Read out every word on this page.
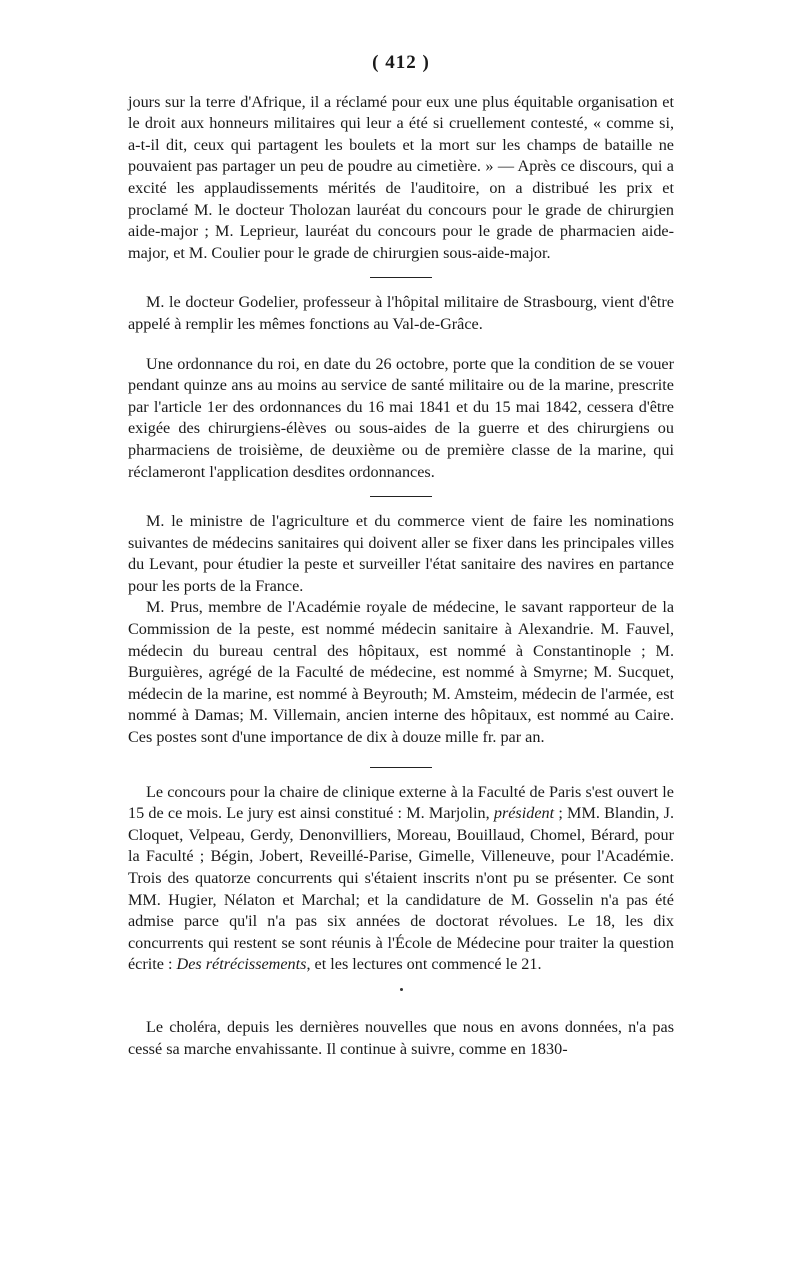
( 412 )

jours sur la terre d'Afrique, il a réclamé pour eux une plus équitable organisation et le droit aux honneurs militaires qui leur a été si cruellement contesté, « comme si, a-t-il dit, ceux qui partagent les boulets et la mort sur les champs de bataille ne pouvaient pas partager un peu de poudre au cimetière. » — Après ce discours, qui a excité les applaudissements mérités de l'auditoire, on a distribué les prix et proclamé M. le docteur Tholozan lauréat du concours pour le grade de chirurgien aide-major ; M. Leprieur, lauréat du concours pour le grade de pharmacien aide-major, et M. Coulier pour le grade de chirurgien sous-aide-major.

M. le docteur Godelier, professeur à l'hôpital militaire de Strasbourg, vient d'être appelé à remplir les mêmes fonctions au Val-de-Grâce.

Une ordonnance du roi, en date du 26 octobre, porte que la condition de se vouer pendant quinze ans au moins au service de santé militaire ou de la marine, prescrite par l'article 1er des ordonnances du 16 mai 1841 et du 15 mai 1842, cessera d'être exigée des chirurgiens-élèves ou sous-aides de la guerre et des chirurgiens ou pharmaciens de troisième, de deuxième ou de première classe de la marine, qui réclameront l'application desdites ordonnances.

M. le ministre de l'agriculture et du commerce vient de faire les nominations suivantes de médecins sanitaires qui doivent aller se fixer dans les principales villes du Levant, pour étudier la peste et surveiller l'état sanitaire des navires en partance pour les ports de la France.

M. Prus, membre de l'Académie royale de médecine, le savant rapporteur de la Commission de la peste, est nommé médecin sanitaire à Alexandrie. M. Fauvel, médecin du bureau central des hôpitaux, est nommé à Constantinople ; M. Burguières, agrégé de la Faculté de médecine, est nommé à Smyrne; M. Sucquet, médecin de la marine, est nommé à Beyrouth; M. Amsteim, médecin de l'armée, est nommé à Damas; M. Villemain, ancien interne des hôpitaux, est nommé au Caire. Ces postes sont d'une importance de dix à douze mille fr. par an.

Le concours pour la chaire de clinique externe à la Faculté de Paris s'est ouvert le 15 de ce mois. Le jury est ainsi constitué : M. Marjolin, président ; MM. Blandin, J. Cloquet, Velpeau, Gerdy, Denonvilliers, Moreau, Bouillaud, Chomel, Bérard, pour la Faculté ; Bégin, Jobert, Reveillé-Parise, Gimelle, Villeneuve, pour l'Académie. Trois des quatorze concurrents qui s'étaient inscrits n'ont pu se présenter. Ce sont MM. Hugier, Nélaton et Marchal; et la candidature de M. Gosselin n'a pas été admise parce qu'il n'a pas six années de doctorat révolues. Le 18, les dix concurrents qui restent se sont réunis à l'École de Médecine pour traiter la question écrite : Des rétrécissements, et les lectures ont commencé le 21.

Le choléra, depuis les dernières nouvelles que nous en avons données, n'a pas cessé sa marche envahissante. Il continue à suivre, comme en 1830-
